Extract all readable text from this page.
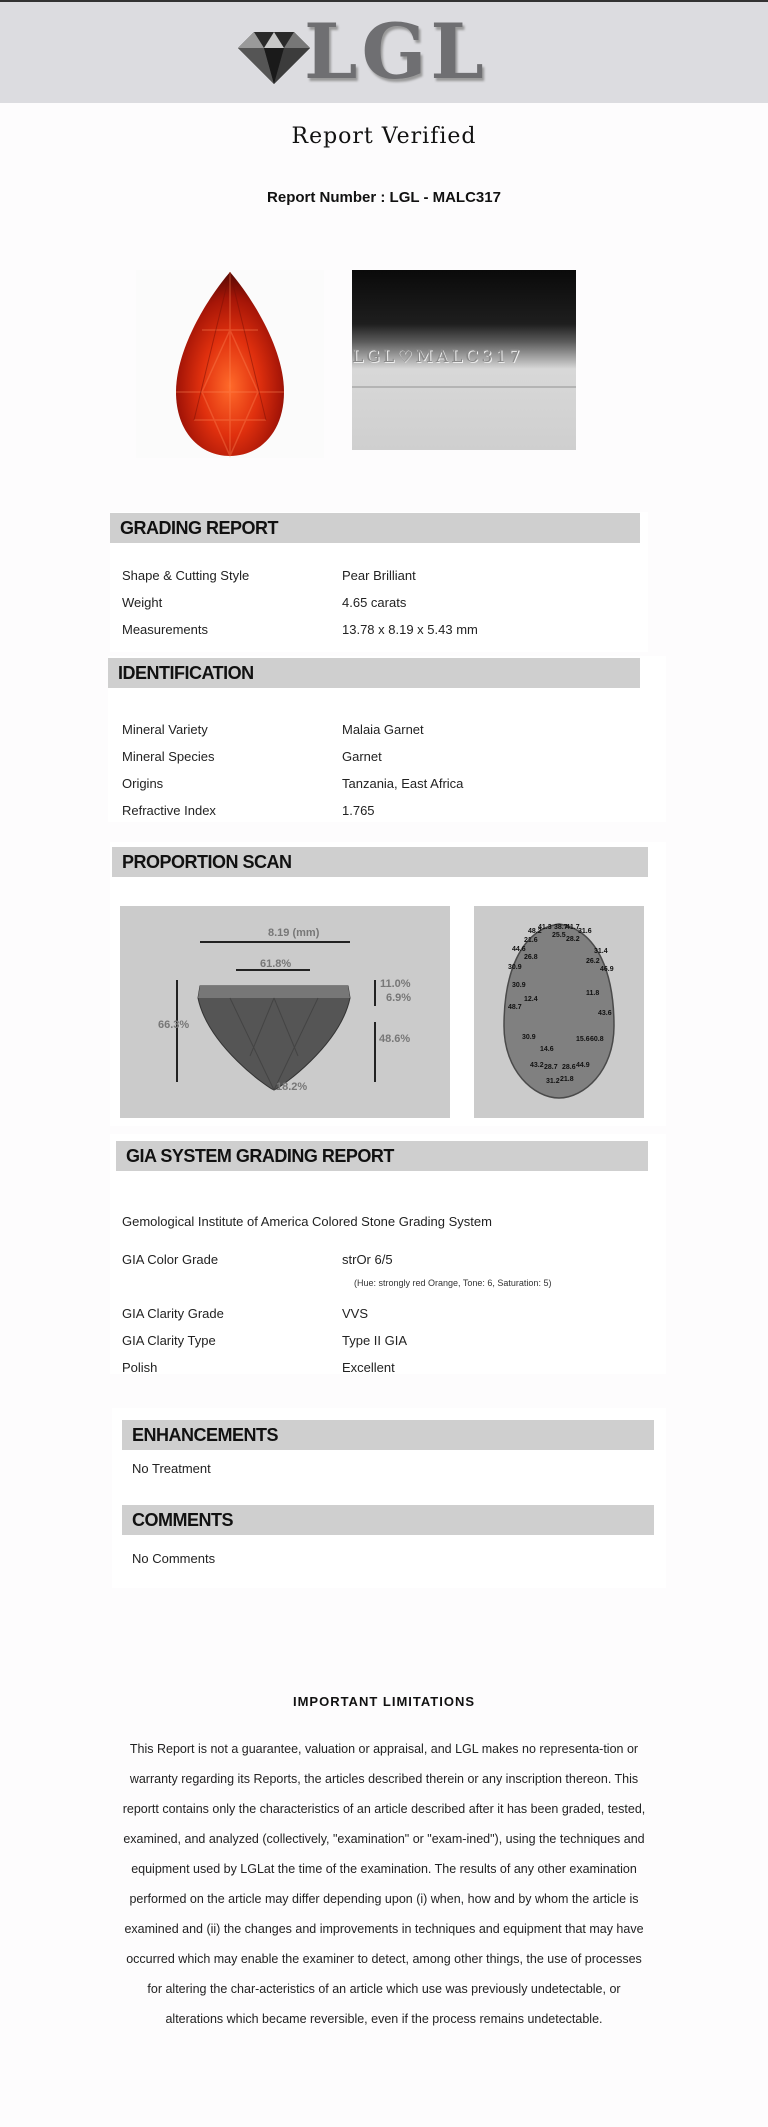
LGL
Report Verified
Report Number : LGL - MALC317
LGL♡MALC317
GRADING REPORT
Shape & Cutting Style	Pear Brilliant
Weight	4.65 carats
Measurements	13.78 x 8.19 x 5.43 mm
IDENTIFICATION
Mineral Variety	Malaia Garnet
Mineral Species	Garnet
Origins	Tanzania, East Africa
Refractive Index	1.765
PROPORTION SCAN
8.19 (mm)
61.8%
66.3%
11.0%
6.9%
48.6%
18.2%
41.3 38.7
41.7
48.2	31.6
21.6
25.5
28.2
31.4
44.6
26.8
26.2
46.9
30.9
12.4
30.9
11.8
48.7
43.6
30.9	15.6 60.8
14.6
43.2 28.7 28.6 44.9
31.2 21.8
GIA SYSTEM GRADING REPORT
Gemological Institute of America Colored Stone Grading System
GIA Color Grade	strOr 6/5
(Hue: strongly red Orange, Tone: 6, Saturation: 5)
GIA Clarity Grade	VVS
GIA Clarity Type	Type II GIA
Polish	Excellent
ENHANCEMENTS
No Treatment
COMMENTS
No Comments
IMPORTANT LIMITATIONS
This Report is not a guarantee, valuation or appraisal, and LGL makes no representa-tion or warranty regarding its Reports, the articles described therein or any inscription thereon. This reportt contains only the characteristics of an article described after it has been graded, tested, examined, and analyzed (collectively, "examination" or "exam-ined"), using the techniques and equipment used by LGLat the time of the examination. The results of any other examination performed on the article may differ depending upon (i) when, how and by whom the article is examined and (ii) the changes and improvements in techniques and equipment that may have occurred which may enable the examiner to detect, among other things, the use of processes for altering the char-acteristics of an article which use was previously undetectable, or alterations which became reversible, even if the process remains undetectable.
